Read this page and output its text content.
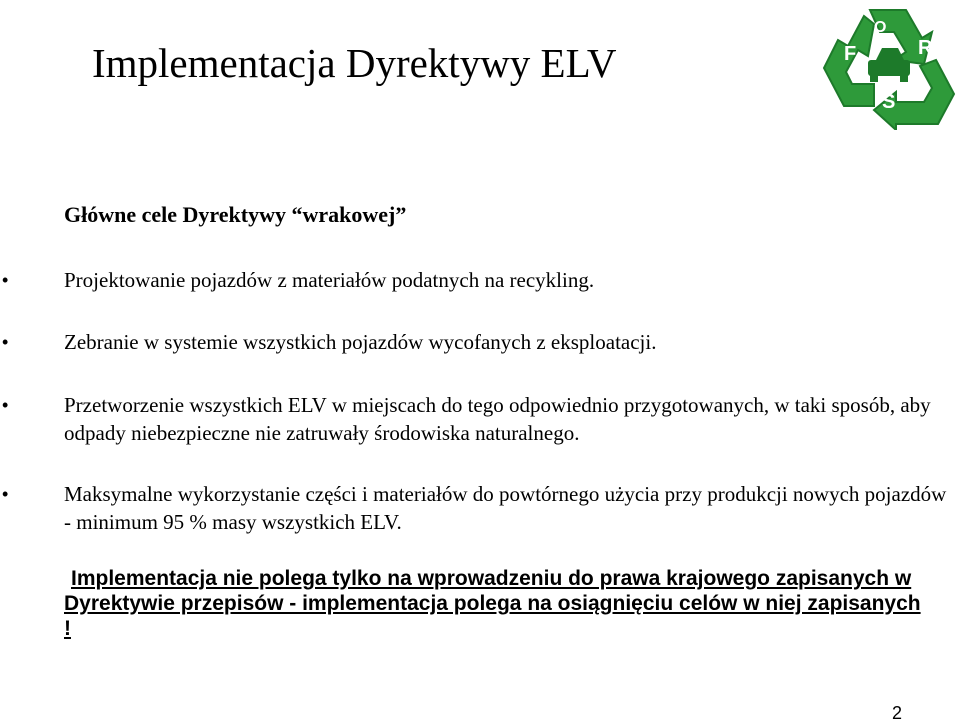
Implementacja Dyrektywy ELV	F
O
R
S
Główne cele Dyrektywy “wrakowej”
•	Projektowanie pojazdów z materiałów podatnych na recykling.
•	Zebranie w systemie wszystkich pojazdów wycofanych z eksploatacji.
•	Przetworzenie wszystkich ELV w miejscach do tego odpowiednio przygotowanych, w taki sposób, aby odpady niebezpieczne nie zatruwały środowiska naturalnego.
•	Maksymalne wykorzystanie części i materiałów do powtórnego użycia przy produkcji nowych pojazdów - minimum 95 % masy wszystkich ELV.
Implementacja nie polega tylko na wprowadzeniu do prawa krajowego zapisanych w Dyrektywie przepisów - implementacja polega na osiągnięciu celów w niej zapisanych !
2
